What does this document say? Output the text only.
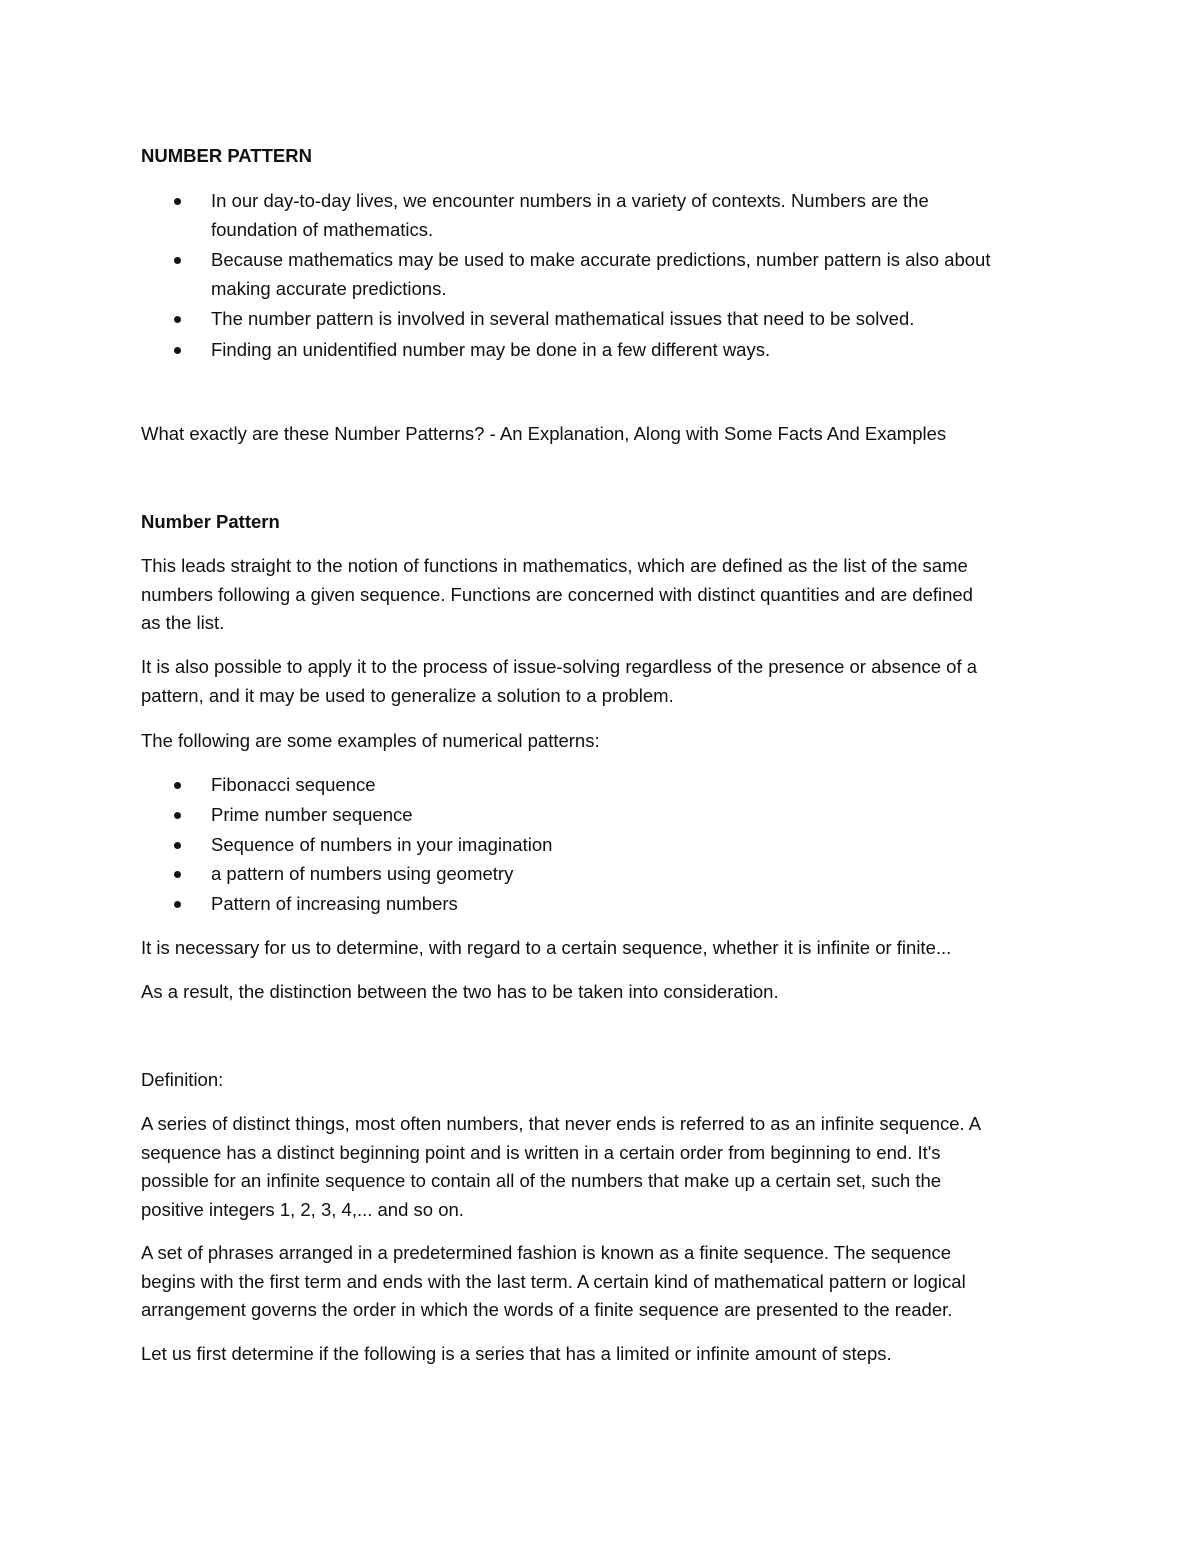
NUMBER PATTERN

In our day-to-day lives, we encounter numbers in a variety of contexts. Numbers are the
foundation of mathematics.
Because mathematics may be used to make accurate predictions, number pattern is also about
making accurate predictions.
The number pattern is involved in several mathematical issues that need to be solved.
Finding an unidentified number may be done in a few different ways.

What exactly are these Number Patterns? - An Explanation, Along with Some Facts And Examples

Number Pattern

This leads straight to the notion of functions in mathematics, which are defined as the list of the same
numbers following a given sequence. Functions are concerned with distinct quantities and are defined
as the list.
It is also possible to apply it to the process of issue-solving regardless of the presence or absence of a
pattern, and it may be used to generalize a solution to a problem.

The following are some examples of numerical patterns:

Fibonacci sequence
Prime number sequence
Sequence of numbers in your imagination
a pattern of numbers using geometry
Pattern of increasing numbers

It is necessary for us to determine, with regard to a certain sequence, whether it is infinite or finite...

As a result, the distinction between the two has to be taken into consideration.

Definition:

A series of distinct things, most often numbers, that never ends is referred to as an infinite sequence. A
sequence has a distinct beginning point and is written in a certain order from beginning to end. It's
possible for an infinite sequence to contain all of the numbers that make up a certain set, such the
positive integers 1, 2, 3, 4,... and so on.
A set of phrases arranged in a predetermined fashion is known as a finite sequence. The sequence
begins with the first term and ends with the last term. A certain kind of mathematical pattern or logical
arrangement governs the order in which the words of a finite sequence are presented to the reader.

Let us first determine if the following is a series that has a limited or infinite amount of steps.
